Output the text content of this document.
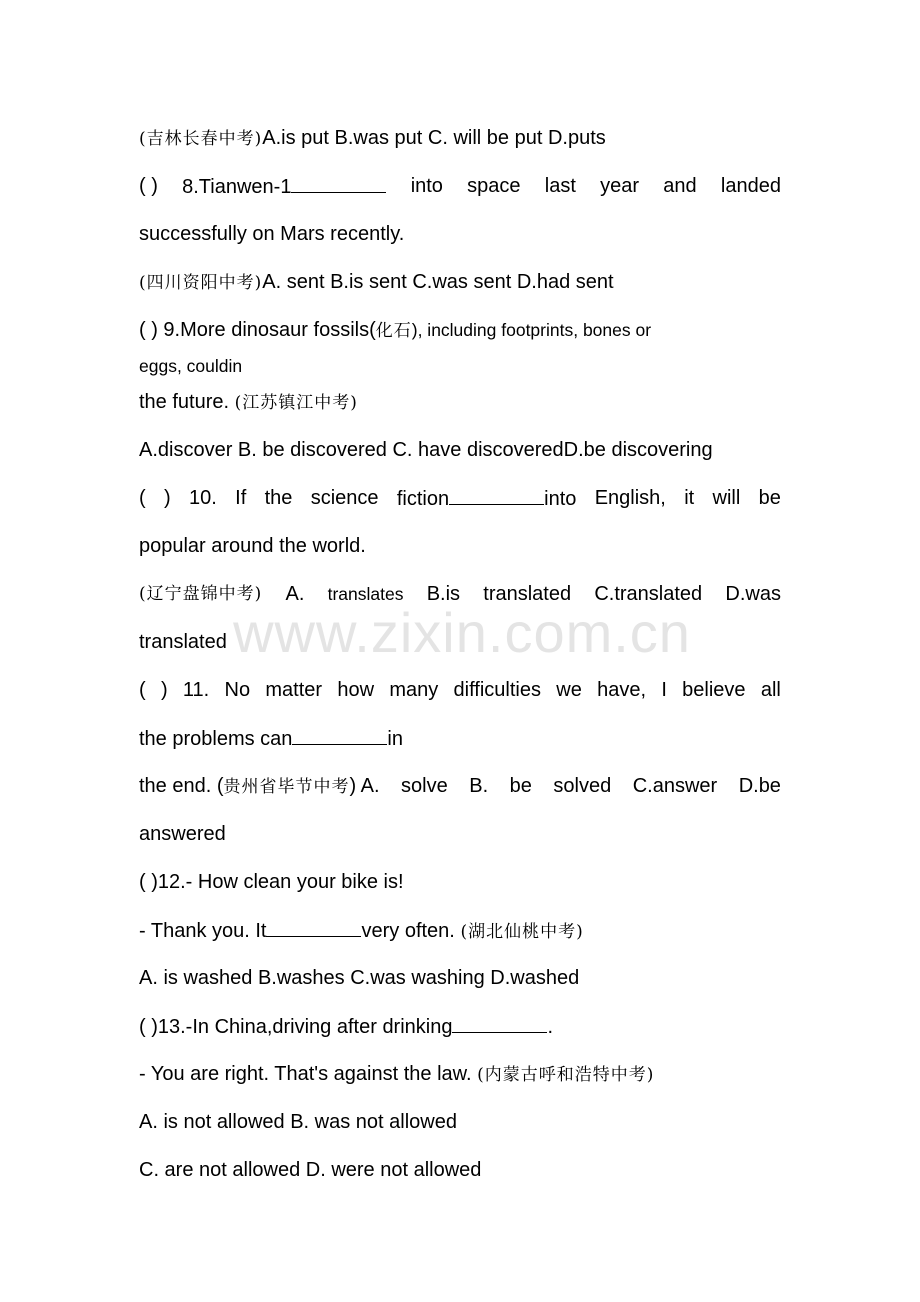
www.zixin.com.cn
(吉林长春中考)A.is put B.was put C. will be put D.puts
( ) 8.Tianwen-1	into space last year and landed
successfully on Mars recently.
(四川资阳中考)A. sent B.is sent C.was sent D.had sent
( ) 9.More dinosaur fossils(化石), including footprints, bones or
eggs, couldin
the future. (江苏镇江中考)
A.discover B. be discovered C. have discoveredD.be discovering
( ) 10. If the science fiction	into English, it will be
popular around the world.
(辽宁盘锦中考) A. translates B.is translated C.translated D.was
translated
( ) 11. No matter how many difficulties we have, I believe all
the problems can	in
the end. (贵州省毕节中考) A. solve B. be solved C.answer D.be
answered
( )12.- How clean your bike is!
- Thank you. It	very often. (湖北仙桃中考)
A. is washed B.washes C.was washing D.washed
( )13.-In China,driving after drinking	.
- You are right. That's against the law. (内蒙古呼和浩特中考)
A. is not allowed B. was not allowed
C. are not allowed D. were not allowed
